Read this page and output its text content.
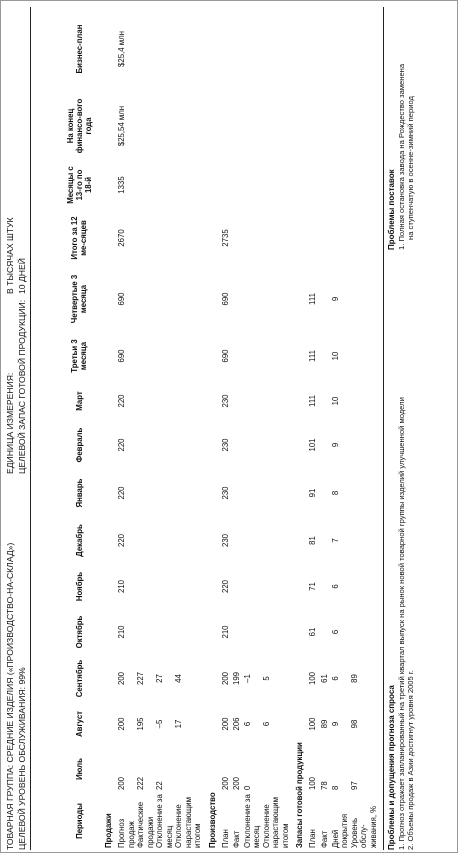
ТОВАРНАЯ ГРУППА: СРЕДНИЕ ИЗДЕЛИЯ («ПРОИЗВОДСТВО-НА-СКЛАД») ЦЕЛЕВОЙ УРОВЕНЬ ОБСЛУЖИВАНИЯ: 99%
ЕДИНИЦА ИЗМЕРЕНИЯ:
В ТЫСЯЧАХ ШТУК
ЦЕЛЕВОЙ ЗАПАС ГОТОВОЙ ПРОДУКЦИИ:
10 ДНЕЙ
Периоды	Июль	Август	Сентябрь	Октябрь	Ноябрь	Декабрь	Январь	Февраль	Март	Третьи 3 месяца	Четвертые 3 месяца	Итого за 12 ме-сяцев	Месяцы с 13-го по 18-й	На конец финансо-вого года	Бизнес-план
Продажи															
Прогноз продаж	200	200	200	210	210	220	220	220	220	690	690	2670	1335	$25,54 млн	$25,4 млн
Фактические продажи	222	195	227												
Отклонение за месяц	22	–5	27												
Отклонение нарастающим итогом		17	44												
Производство															
План	200	200	200	210	220	230	230	230	230	690	690	2735			
Факт	200	206	199												
Отклонение за месяц	0	6	–1												
Отклонение нарастающим итогом		6	5												
Запасы готовой продукции															
План	100	100	100	61	71	81	91	101	111	111	111				
Факт	78	89	61												
Дней покрытия	8	9	6	6	6	7	8	9	10	10	9				
Уровень обслу-живания, %	97	98	89												
Проблемы и допущения прогноза спроса 1. Прогноз отражает запланированный на третий квартал выпуск на рынок новой товарной группы изделий улучшенной модели 2. Объемы продаж в Азии достигнут уровня 2005 г.
Проблемы поставок 1. Полная остановка завода на Рождество заменена на ступенчатую в осенне-зимний период
